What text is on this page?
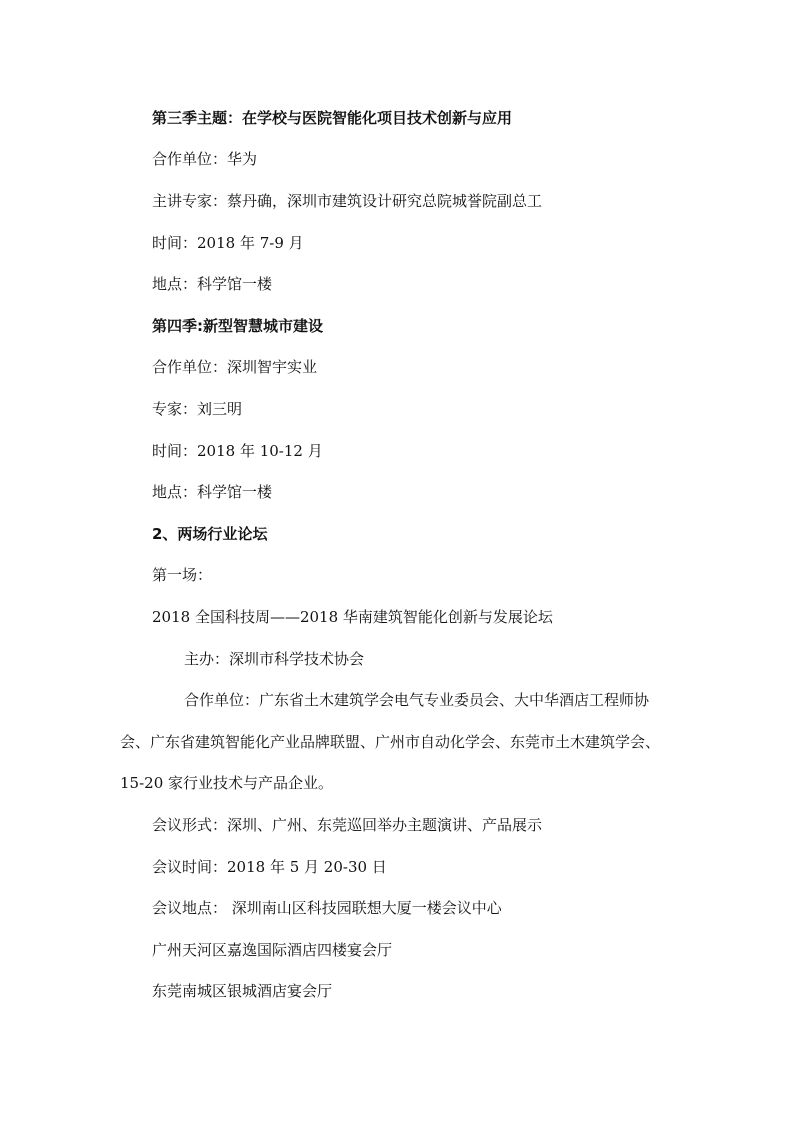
第三季主题：在学校与医院智能化项目技术创新与应用
合作单位：华为
主讲专家：蔡丹确，深圳市建筑设计研究总院城誉院副总工
时间：2018 年 7-9 月
地点：科学馆一楼
第四季:新型智慧城市建设
合作单位：深圳智宇实业
专家：刘三明
时间：2018 年 10-12 月
地点：科学馆一楼
2、两场行业论坛
第一场：
2018 全国科技周——2018 华南建筑智能化创新与发展论坛
主办：深圳市科学技术协会
合作单位：广东省土木建筑学会电气专业委员会、大中华酒店工程师协
会、广东省建筑智能化产业品牌联盟、广州市自动化学会、东莞市土木建筑学会、
15-20 家行业技术与产品企业。
会议形式：深圳、广州、东莞巡回举办主题演讲、产品展示
会议时间：2018 年 5 月 20-30 日
会议地点： 深圳南山区科技园联想大厦一楼会议中心
广州天河区嘉逸国际酒店四楼宴会厅
东莞南城区银城酒店宴会厅
